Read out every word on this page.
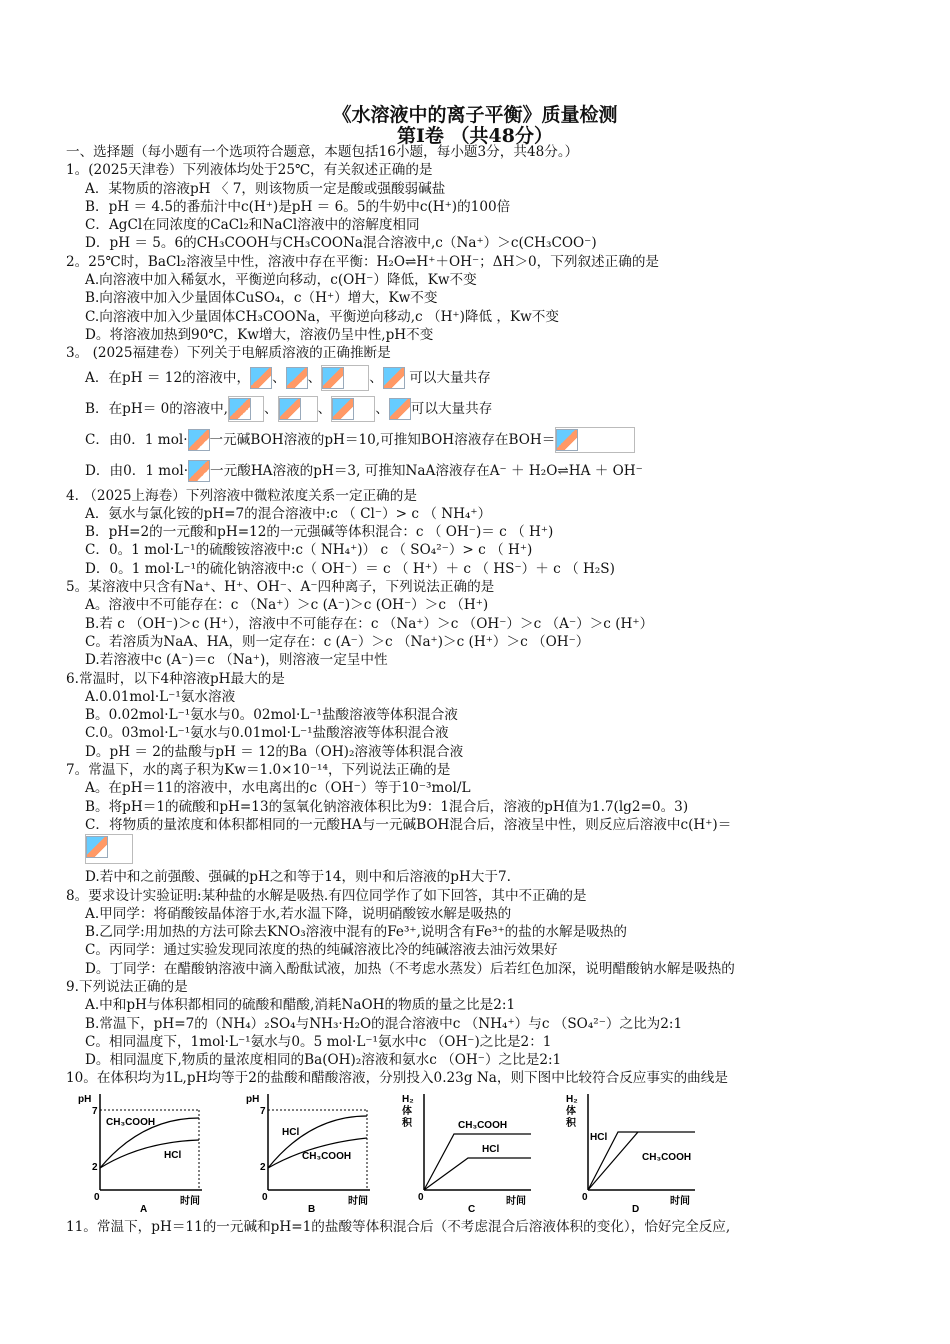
《水溶液中的离子平衡》质量检测
第Ⅰ卷 （共48分）
一、选择题（每小题有一个选项符合题意，本题包括16小题，每小题3分，共48分。）
1。(2025天津卷）下列液体均处于25℃，有关叙述正确的是
A．某物质的溶液pH 〈 7，则该物质一定是酸或强酸弱碱盐
B．pH ＝ 4.5的番茄汁中c(H⁺)是pH ＝ 6。5的牛奶中c(H⁺)的100倍
C．AgCl在同浓度的CaCl₂和NaCl溶液中的溶解度相同
D．pH ＝ 5。6的CH₃COOH与CH₃COONa混合溶液中,c（Na⁺）＞c(CH₃COO⁻)
2。25℃时，BaCl₂溶液呈中性，溶液中存在平衡：H₂O⇌H⁺＋OH⁻；ΔH＞0，下列叙述正确的是
A.向溶液中加入稀氨水，平衡逆向移动，c(OH⁻）降低，Kw不变
B.向溶液中加入少量固体CuSO₄，c（H⁺）增大，Kw不变
C.向溶液中加入少量固体CH₃COONa，平衡逆向移动,c （H⁺)降低 ，Kw不变
D。将溶液加热到90℃，Kw增大，溶液仍呈中性,pH不变
3。 (2025福建卷）下列关于电解质溶液的正确推断是
A．在pH ＝ 12的溶液中， 、 、	、 可以大量共存
B．在pH＝ 0的溶液中,	、	、	、 可以大量共存
C．由0．1 mol· 一元碱BOH溶液的pH＝10,可推知BOH溶液存在BOH＝
D．由0．1 mol· 一元酸HA溶液的pH＝3, 可推知NaA溶液存在A⁻ ＋ H₂O⇌HA ＋ OH⁻
4. （2025上海卷）下列溶液中微粒浓度关系一定正确的是
A．氨水与氯化铵的pH=7的混合溶液中:c （ Cl⁻）> c （ NH₄⁺）
B．pH=2的一元酸和pH=12的一元强碱等体积混合：c （ OH⁻)＝ c （ H⁺)
C．0。1 mol·L⁻¹的硫酸铵溶液中:c（ NH₄⁺)） c （ SO₄²⁻）> c （ H⁺)
D．0。1 mol·L⁻¹的硫化钠溶液中:c（ OH⁻）＝ c （ H⁺）＋ c （ HS⁻）＋ c （ H₂S)
5。某溶液中只含有Na⁺、H⁺、OH⁻、A⁻四种离子，下列说法正确的是
A。溶液中不可能存在：c （Na⁺）＞c (A⁻)＞c (OH⁻）＞c （H⁺)
B.若 c （OH⁻)＞c (H⁺），溶液中不可能存在：c （Na⁺）＞c （OH⁻）＞c （A⁻）＞c (H⁺）
C。若溶质为NaA、HA，则一定存在：c (A⁻）＞c （Na⁺)＞c (H⁺）＞c （OH⁻）
D.若溶液中c (A⁻)＝c （Na⁺)，则溶液一定呈中性
6.常温时，以下4种溶液pH最大的是
A.0.01mol·L⁻¹氨水溶液
B。0.02mol·L⁻¹氨水与0。02mol·L⁻¹盐酸溶液等体积混合液
C.0。03mol·L⁻¹氨水与0.01mol·L⁻¹盐酸溶液等体积混合液
D。pH ＝ 2的盐酸与pH ＝ 12的Ba（OH)₂溶液等体积混合液
7。常温下，水的离子积为Kw＝1.0×10⁻¹⁴，下列说法正确的是
A。在pH＝11的溶液中，水电离出的c（OH⁻）等于10⁻³mol/L
B。将pH＝1的硫酸和pH=13的氢氧化钠溶液体积比为9：1混合后，溶液的pH值为1.7(lg2=0。3)
C．将物质的量浓度和体积都相同的一元酸HA与一元碱BOH混合后，溶液呈中性，则反应后溶液中c(H⁺)＝
D.若中和之前强酸、强碱的pH之和等于14，则中和后溶液的pH大于7.
8。要求设计实验证明:某种盐的水解是吸热.有四位同学作了如下回答，其中不正确的是
A.甲同学：将硝酸铵晶体溶于水,若水温下降，说明硝酸铵水解是吸热的
B.乙同学:用加热的方法可除去KNO₃溶液中混有的Fe³⁺,说明含有Fe³⁺的盐的水解是吸热的
C。丙同学：通过实验发现同浓度的热的纯碱溶液比冷的纯碱溶液去油污效果好
D。丁同学：在醋酸钠溶液中滴入酚酞试液，加热（不考虑水蒸发）后若红色加深，说明醋酸钠水解是吸热的
9.下列说法正确的是
A.中和pH与体积都相同的硫酸和醋酸,消耗NaOH的物质的量之比是2:1
B.常温下，pH=7的（NH₄）₂SO₄与NH₃·H₂O的混合溶液中c （NH₄⁺）与c （SO₄²⁻）之比为2:1
C。相同温度下，1mol·L⁻¹氨水与0。5 mol·L⁻¹氨水中c （OH⁻)之比是2：1
D。相同温度下,物质的量浓度相同的Ba(OH)₂溶液和氨水c （OH⁻）之比是2:1
10。在体积均为1L,pH均等于2的盐酸和醋酸溶液，分别投入0.23g Na，则下图中比较符合反应事实的曲线是
pH
7
2
0
CH₃COOH
HCl
时间
A
pH
7
2
0
HCl
CH₃COOH
时间
B
H₂
体
积
0
CH₃COOH
HCl
时间
C
H₂
体
积
0
HCl
CH₃COOH
时间
D
11。常温下，pH＝11的一元碱和pH=1的盐酸等体积混合后（不考虑混合后溶液体积的变化），恰好完全反应,
